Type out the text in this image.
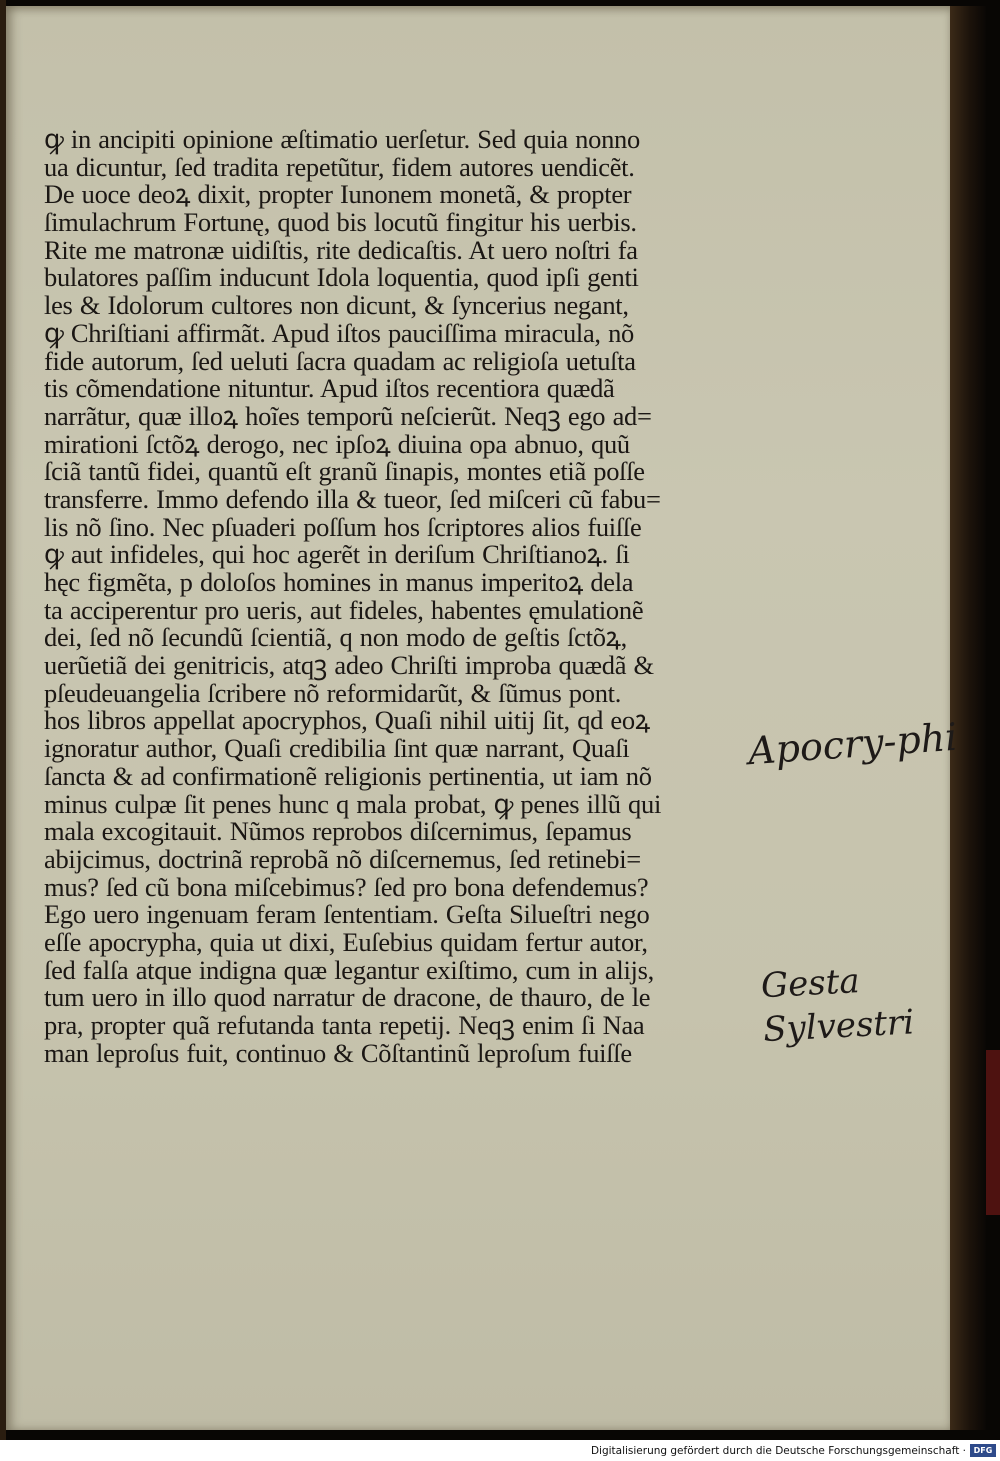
ꝙ in ancipiti opinione æſtimatio uerſetur. Sed quia nonno
ua dicuntur, ſed tradita repetũtur, fidem autores uendicẽt.
De uoce deoꝝ dixit, propter Iunonem monetã, & propter
ſimulachrum Fortunę, quod bis locutũ fingitur his uerbis.
Rite me matronæ uidiſtis, rite dedicaſtis. At uero noſtri fa
bulatores paſſim inducunt Idola loquentia, quod ipſi genti
les & Idolorum cultores non dicunt, & ſyncerius negant,
ꝙ Chriſtiani affirmãt. Apud iſtos pauciſſima miracula, nõ
fide autorum, ſed ueluti ſacra quadam ac religioſa uetuſta
tis cõmendatione nituntur. Apud iſtos recentiora quædã
narrãtur, quæ illoꝝ hoĩes temporũ neſcierũt. Neqꝫ ego ad=
mirationi ſctõꝝ derogo, nec ipſoꝝ diuina opa abnuo, quũ
ſciã tantũ fidei, quantũ eſt granũ ſinapis, montes etiã poſſe
transferre. Immo defendo illa & tueor, ſed miſceri cũ fabu=
lis nõ ſino. Nec pſuaderi poſſum hos ſcriptores alios fuiſſe
ꝙ aut infideles, qui hoc agerẽt in deriſum Chriſtianoꝝ. ſi
hęc figmẽta, p doloſos homines in manus imperitoꝝ dela
ta acciperentur pro ueris, aut fideles, habentes ęmulationẽ
dei, ſed nõ ſecundũ ſcientiã, q non modo de geſtis ſctõꝝ,
uerũetiã dei genitricis, atqꝫ adeo Chriſti improba quædã &
pſeudeuangelia ſcribere nõ reformidarũt, & ſũmus pont.
hos libros appellat apocryphos, Quaſi nihil uitij ſit, qd eoꝝ
ignoratur author, Quaſi credibilia ſint quæ narrant, Quaſi
ſancta & ad confirmationẽ religionis pertinentia, ut iam nõ
minus culpæ ſit penes hunc q mala probat, ꝙ penes illũ qui
mala excogitauit. Nũmos reprobos diſcernimus, ſepamus
abijcimus, doctrinã reprobã nõ diſcernemus, ſed retinebi=
mus? ſed cũ bona miſcebimus? ſed pro bona defendemus?
Ego uero ingenuam feram ſententiam. Geſta Silueſtri nego
eſſe apocrypha, quia ut dixi, Euſebius quidam fertur autor,
ſed falſa atque indigna quæ legantur exiſtimo, cum in alijs,
tum uero in illo quod narratur de dracone, de thauro, de le
pra, propter quã refutanda tanta repetij. Neqꝫ enim ſi Naa
man leproſus fuit, continuo & Cõſtantinũ leproſum fuiſſe
Apocry-phi
Gesta Sylvestri
Digitalisierung gefördert durch die Deutsche Forschungsgemeinschaft · DFG
